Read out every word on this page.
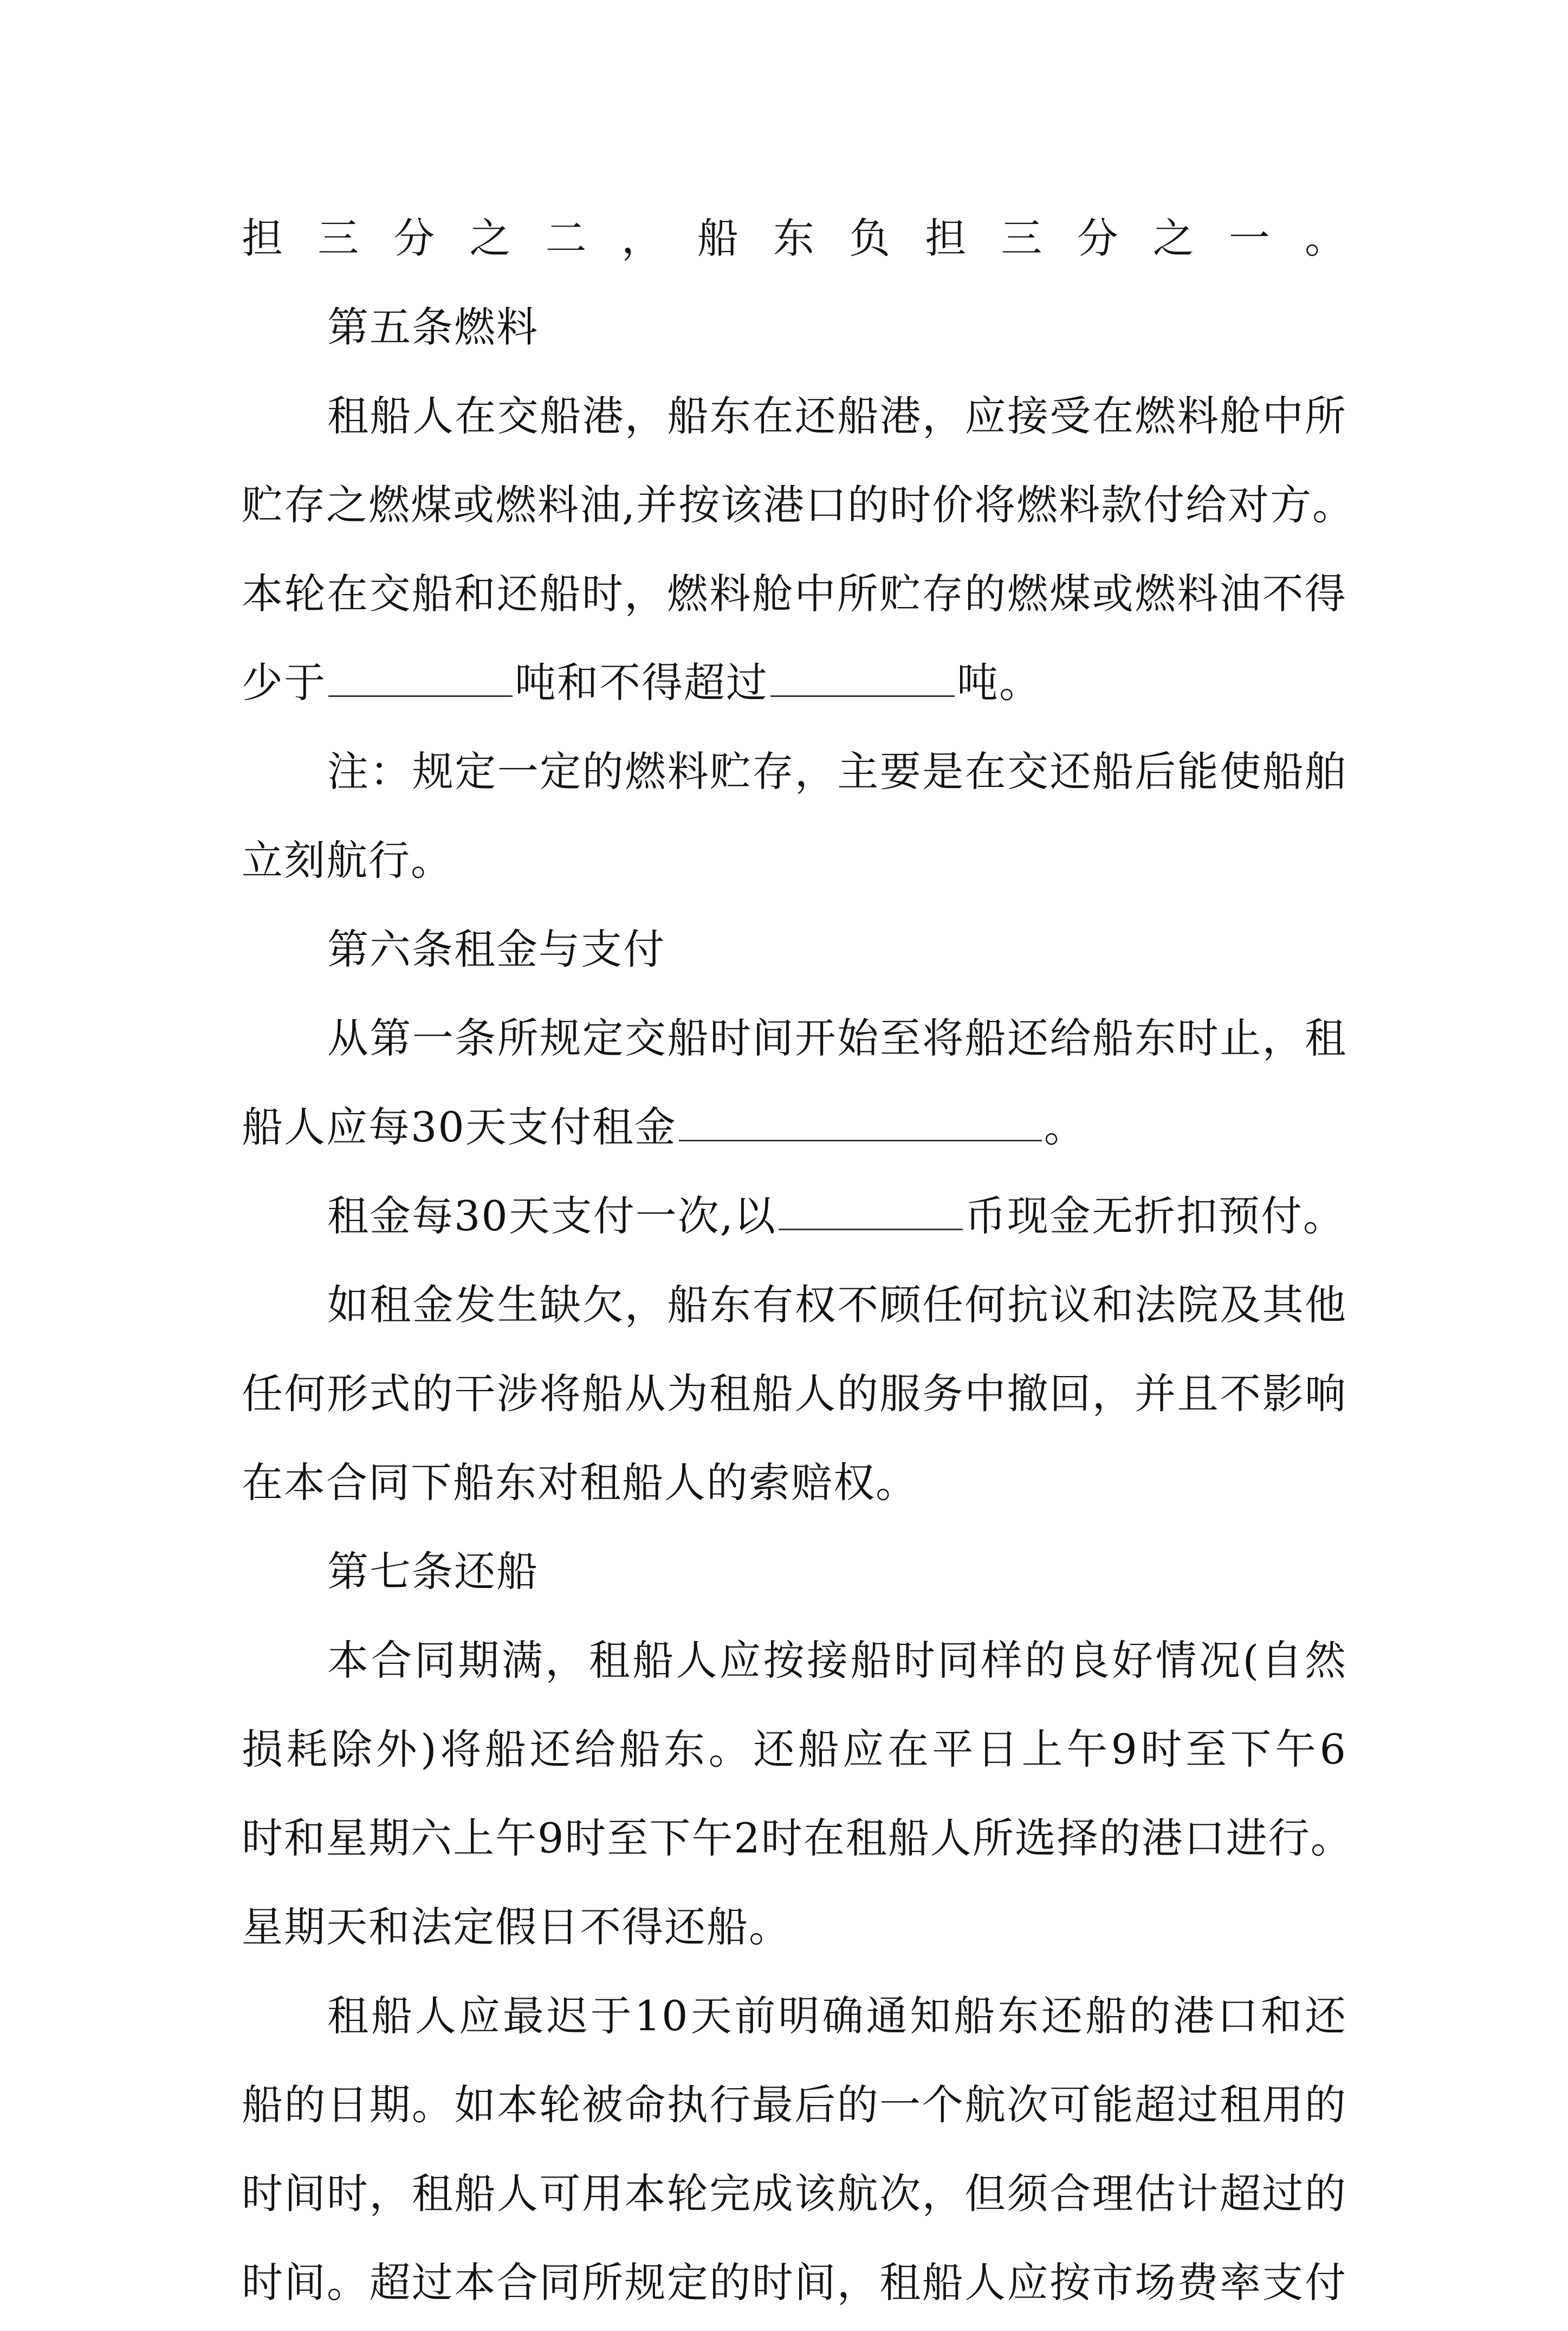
担三分之二，船东负担三分之一。
第五条燃料
租船人在交船港，船东在还船港，应接受在燃料舱中所
贮存之燃煤或燃料油,并按该港口的时价将燃料款付给对方。
本轮在交船和还船时，燃料舱中所贮存的燃煤或燃料油不得
少于	吨和不得超过	吨。
注：规定一定的燃料贮存，主要是在交还船后能使船舶
立刻航行。
第六条租金与支付
从第一条所规定交船时间开始至将船还给船东时止，租
船人应每30天支付租金	。
租金每30天支付一次,以	币现金无折扣预付。
如租金发生缺欠，船东有权不顾任何抗议和法院及其他
任何形式的干涉将船从为租船人的服务中撤回，并且不影响
在本合同下船东对租船人的索赔权。
第七条还船
本合同期满，租船人应按接船时同样的良好情况(自然
损耗除外)将船还给船东。还船应在平日上午9时至下午6
时和星期六上午9时至下午2时在租船人所选择的港口进行。
星期天和法定假日不得还船。
租船人应最迟于10天前明确通知船东还船的港口和还
船的日期。如本轮被命执行最后的一个航次可能超过租用的
时间时，租船人可用本轮完成该航次，但须合理估计超过的
时间。超过本合同所规定的时间，租船人应按市场费率支付
